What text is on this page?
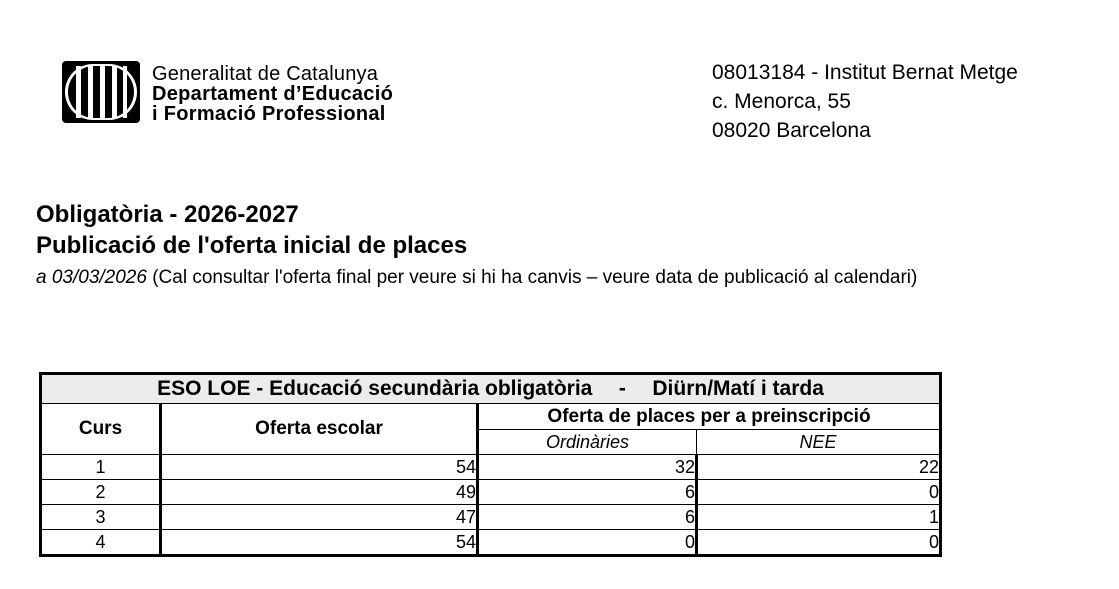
Generalitat de Catalunya
Departament d’Educació
i Formació Professional
08013184 - Institut Bernat Metge
c. Menorca, 55
08020 Barcelona
Obligatòria - 2026-2027
Publicació de l'oferta inicial de places
a 03/03/2026 (Cal consultar l'oferta final per veure si hi ha canvis – veure data de publicació al calendari)
ESO LOE - Educació secundària obligatòria - Diürn/Matí i tarda			
Curs	Oferta escolar	Oferta de places per a preinscripció	
		Ordinàries	NEE
1	54	32	22
2	49	6	0
3	47	6	1
4	54	0	0
